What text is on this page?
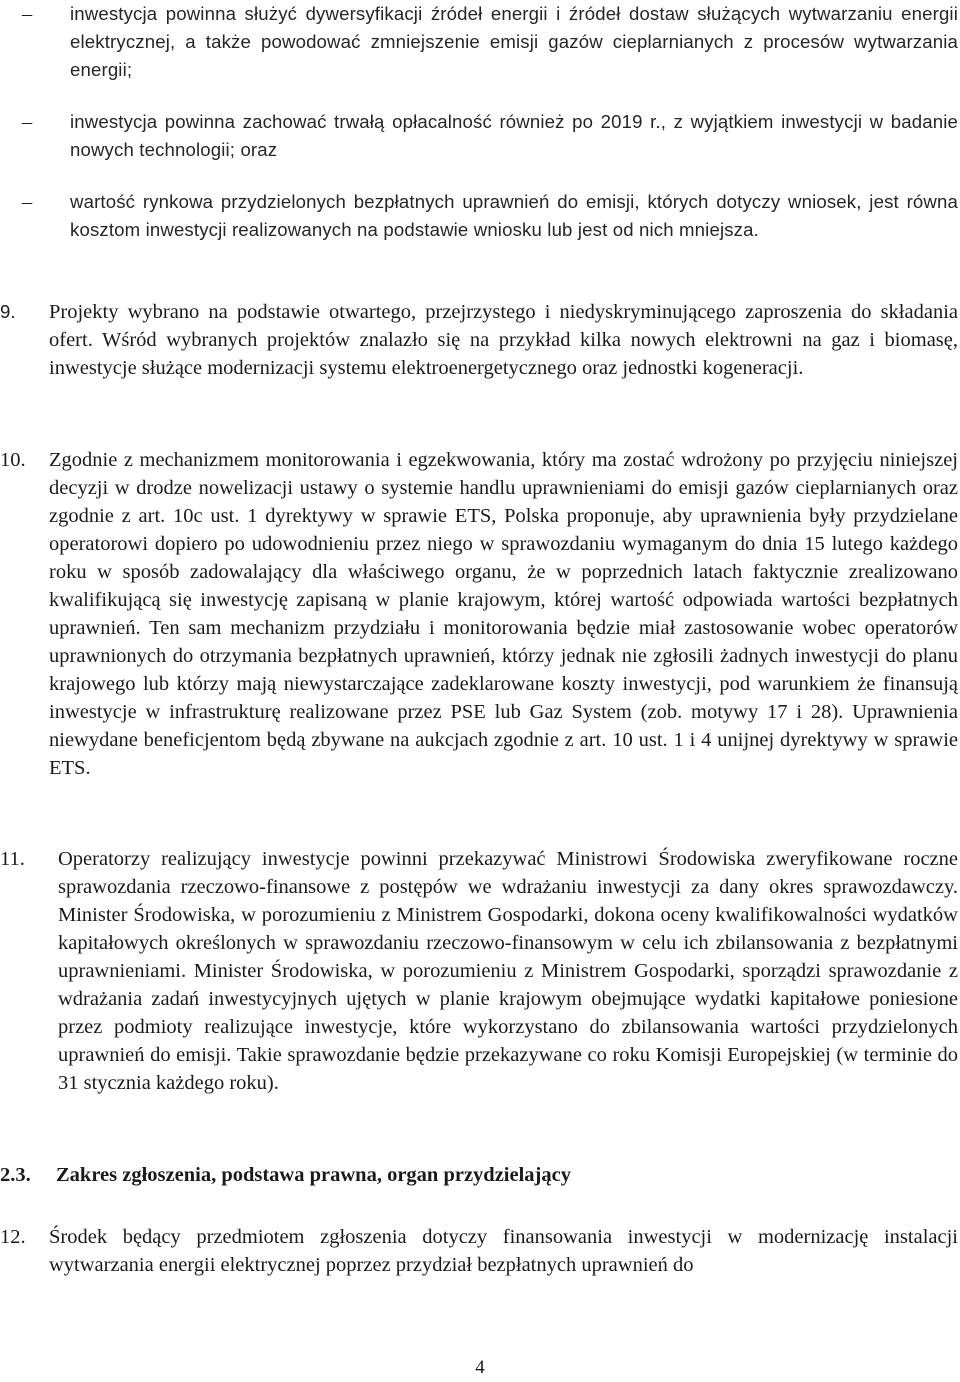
–	inwestycja powinna służyć dywersyfikacji źródeł energii i źródeł dostaw służących wytwarzaniu energii elektrycznej, a także powodować zmniejszenie emisji gazów cieplarnianych z procesów wytwarzania energii;
–	inwestycja powinna zachować trwałą opłacalność również po 2019 r., z wyjątkiem inwestycji w badanie nowych technologii; oraz
–	wartość rynkowa przydzielonych bezpłatnych uprawnień do emisji, których dotyczy wniosek, jest równa kosztom inwestycji realizowanych na podstawie wniosku lub jest od nich mniejsza.
9. Projekty wybrano na podstawie otwartego, przejrzystego i niedyskryminującego zaproszenia do składania ofert. Wśród wybranych projektów znalazło się na przykład kilka nowych elektrowni na gaz i biomasę, inwestycje służące modernizacji systemu elektroenergetycznego oraz jednostki kogeneracji.
10. Zgodnie z mechanizmem monitorowania i egzekwowania, który ma zostać wdrożony po przyjęciu niniejszej decyzji w drodze nowelizacji ustawy o systemie handlu uprawnieniami do emisji gazów cieplarnianych oraz zgodnie z art. 10c ust. 1 dyrektywy w sprawie ETS, Polska proponuje, aby uprawnienia były przydzielane operatorowi dopiero po udowodnieniu przez niego w sprawozdaniu wymaganym do dnia 15 lutego każdego roku w sposób zadowalający dla właściwego organu, że w poprzednich latach faktycznie zrealizowano kwalifikującą się inwestycję zapisaną w planie krajowym, której wartość odpowiada wartości bezpłatnych uprawnień. Ten sam mechanizm przydziału i monitorowania będzie miał zastosowanie wobec operatorów uprawnionych do otrzymania bezpłatnych uprawnień, którzy jednak nie zgłosili żadnych inwestycji do planu krajowego lub którzy mają niewystarczające zadeklarowane koszty inwestycji, pod warunkiem że finansują inwestycje w infrastrukturę realizowane przez PSE lub Gaz System (zob. motywy 17 i 28). Uprawnienia niewydane beneficjentom będą zbywane na aukcjach zgodnie z art. 10 ust. 1 i 4 unijnej dyrektywy w sprawie ETS.
11. Operatorzy realizujący inwestycje powinni przekazywać Ministrowi Środowiska zweryfikowane roczne sprawozdania rzeczowo-finansowe z postępów we wdrażaniu inwestycji za dany okres sprawozdawczy. Minister Środowiska, w porozumieniu z Ministrem Gospodarki, dokona oceny kwalifikowalności wydatków kapitałowych określonych w sprawozdaniu rzeczowo-finansowym w celu ich zbilansowania z bezpłatnymi uprawnieniami. Minister Środowiska, w porozumieniu z Ministrem Gospodarki, sporządzi sprawozdanie z wdrażania zadań inwestycyjnych ujętych w planie krajowym obejmujące wydatki kapitałowe poniesione przez podmioty realizujące inwestycje, które wykorzystano do zbilansowania wartości przydzielonych uprawnień do emisji. Takie sprawozdanie będzie przekazywane co roku Komisji Europejskiej (w terminie do 31 stycznia każdego roku).
2.3. Zakres zgłoszenia, podstawa prawna, organ przydzielający
12. Środek będący przedmiotem zgłoszenia dotyczy finansowania inwestycji w modernizację instalacji wytwarzania energii elektrycznej poprzez przydział bezpłatnych uprawnień do
4
